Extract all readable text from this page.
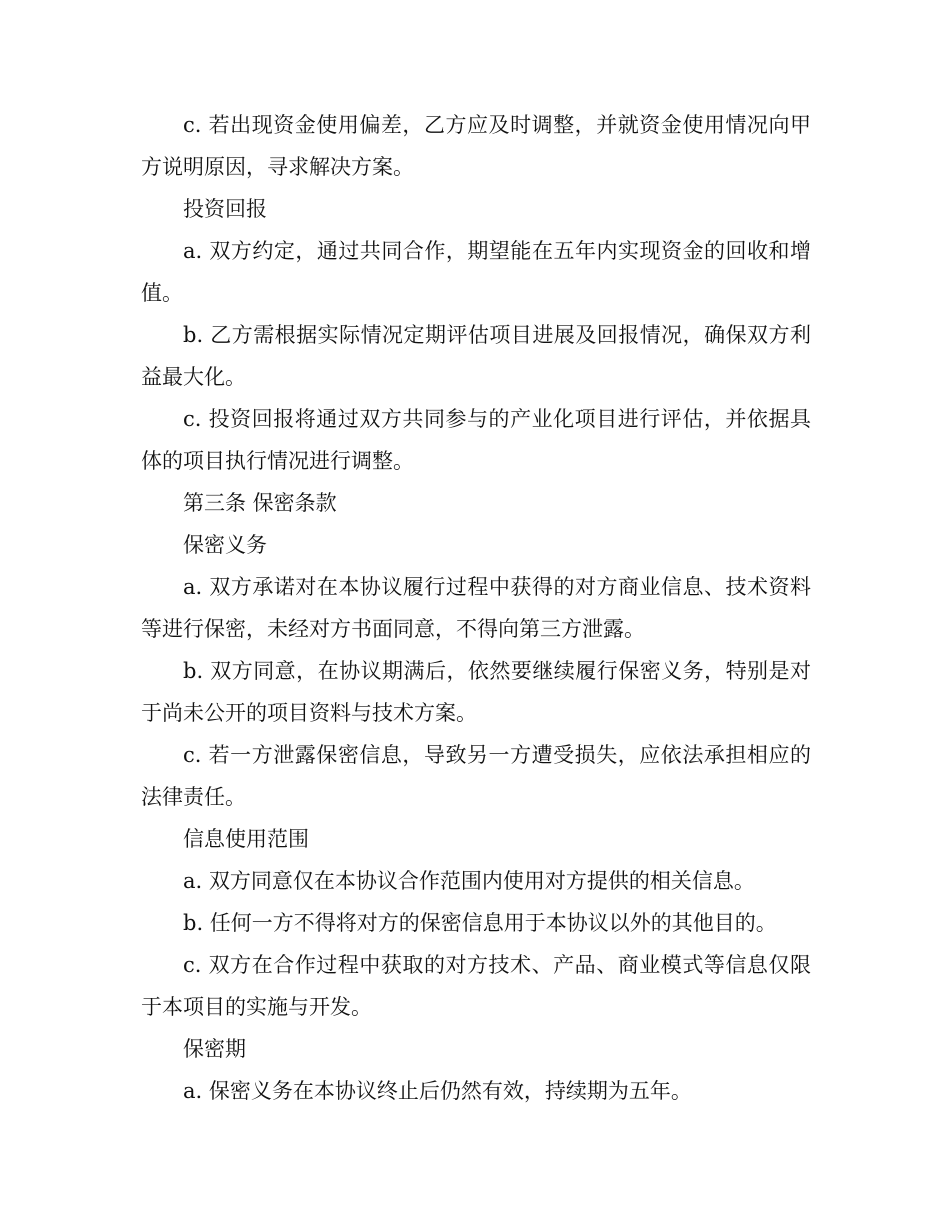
c. 若出现资金使用偏差，乙方应及时调整，并就资金使用情况向甲方说明原因，寻求解决方案。

投资回报

a. 双方约定，通过共同合作，期望能在五年内实现资金的回收和增值。

b. 乙方需根据实际情况定期评估项目进展及回报情况，确保双方利益最大化。

c. 投资回报将通过双方共同参与的产业化项目进行评估，并依据具体的项目执行情况进行调整。

第三条 保密条款

保密义务

a. 双方承诺对在本协议履行过程中获得的对方商业信息、技术资料等进行保密，未经对方书面同意，不得向第三方泄露。

b. 双方同意，在协议期满后，依然要继续履行保密义务，特别是对于尚未公开的项目资料与技术方案。

c. 若一方泄露保密信息，导致另一方遭受损失，应依法承担相应的法律责任。

信息使用范围

a. 双方同意仅在本协议合作范围内使用对方提供的相关信息。

b. 任何一方不得将对方的保密信息用于本协议以外的其他目的。

c. 双方在合作过程中获取的对方技术、产品、商业模式等信息仅限于本项目的实施与开发。

保密期

a. 保密义务在本协议终止后仍然有效，持续期为五年。
